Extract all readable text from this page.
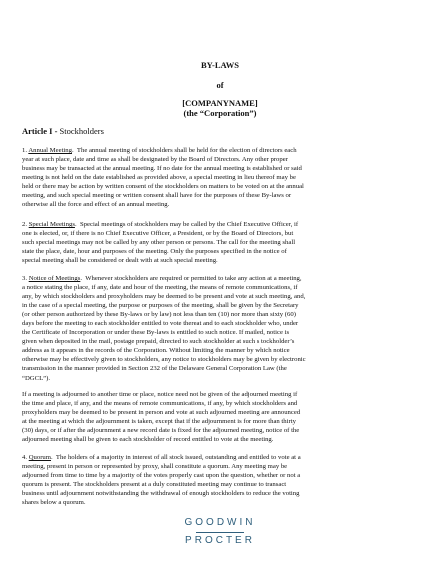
BY-LAWS
of
[COMPANYNAME]
(the “Corporation”)
Article I - Stockholders
1. Annual Meeting.  The annual meeting of stockholders shall be held for the election of directors each
year at such place, date and time as shall be designated by the Board of Directors. Any other proper
business may be transacted at the annual meeting. If no date for the annual meeting is established or said
meeting is not held on the date established as provided above, a special meeting in lieu thereof may be
held or there may be action by written consent of the stockholders on matters to be voted on at the annual
meeting, and such special meeting or written consent shall have for the purposes of these By-laws or
otherwise all the force and effect of an annual meeting.
2. Special Meetings.  Special meetings of stockholders may be called by the Chief Executive Officer, if
one is elected, or, if there is no Chief Executive Officer, a President, or by the Board of Directors, but
such special meetings may not be called by any other person or persons. The call for the meeting shall
state the place, date, hour and purposes of the meeting. Only the purposes specified in the notice of
special meeting shall be considered or dealt with at such special meeting.
3. Notice of Meetings.  Whenever stockholders are required or permitted to take any action at a meeting,
a notice stating the place, if any, date and hour of the meeting, the means of remote communications, if
any, by which stockholders and proxyholders may be deemed to be present and vote at such meeting, and,
in the case of a special meeting, the purpose or purposes of the meeting, shall be given by the Secretary
(or other person authorized by these By-laws or by law) not less than ten (10) nor more than sixty (60)
days before the meeting to each stockholder entitled to vote thereat and to each stockholder who, under
the Certificate of Incorporation or under these By-laws is entitled to such notice. If mailed, notice is
given when deposited in the mail, postage prepaid, directed to such stockholder at such s tockholder’s
address as it appears in the records of the Corporation. Without limiting the manner by which notice
otherwise may be effectively given to stockholders, any notice to stockholders may be given by electronic
transmission in the manner provided in Section 232 of the Delaware General Corporation Law (the
“DGCL”).
If a meeting is adjourned to another time or place, notice need not be given of the adjourned meeting if
the time and place, if any, and the means of remote communications, if any, by which stockholders and
proxyholders may be deemed to be present in person and vote at such adjourned meeting are announced
at the meeting at which the adjournment is taken, except that if the adjournment is for more than thirty
(30) days, or if after the adjournment a new record date is fixed for the adjourned meeting, notice of the
adjourned meeting shall be given to each stockholder of record entitled to vote at the meeting.
4. Quorum.  The holders of a majority in interest of all stock issued, outstanding and entitled to vote at a
meeting, present in person or represented by proxy, shall constitute a quorum. Any meeting may be
adjourned from time to time by a majority of the votes properly cast upon the question, whether or not a
quorum is present. The stockholders present at a duly constituted meeting may continue to transact
business until adjournment notwithstanding the withdrawal of enough stockholders to reduce the voting
shares below a quorum.
GOODWIN
PROCTER
